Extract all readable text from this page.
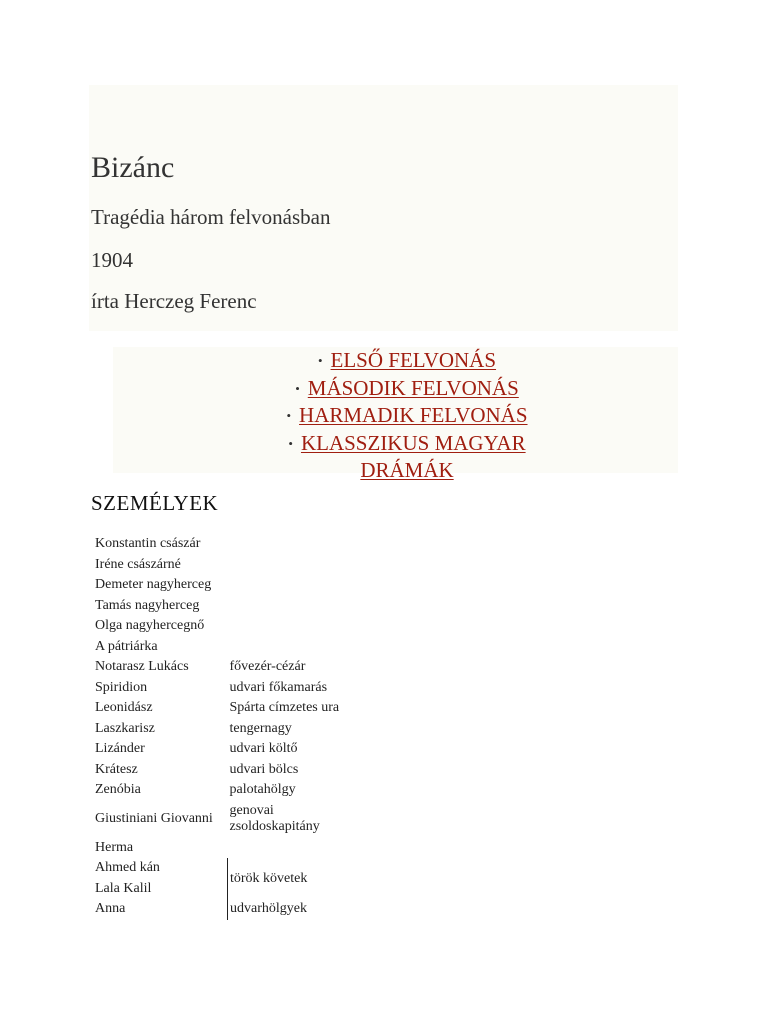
Bizánc
Tragédia három felvonásban
1904
írta Herczeg Ferenc
• ELSŐ FELVONÁS
• MÁSODIK FELVONÁS
• HARMADIK FELVONÁS
• KLASSZIKUS MAGYAR DRÁMÁK
SZEMÉLYEK
Konstantin császár	
Iréne császárné	
Demeter nagyherceg	
Tamás nagyherceg	
Olga nagyhercegnő	
A pátriárka	
Notarasz Lukács	fővezér-cézár
Spiridion	udvari főkamarás
Leonidász	Spárta címzetes ura
Laszkarisz	tengernagy
Lizánder	udvari költő
Krátesz	udvari bölcs
Zenóbia	palotahölgy
Giustiniani Giovanni	genovai zsoldoskapitány
Herma	
Ahmed kán	török követek
Lala Kalil	
Anna	udvarhölgyek
